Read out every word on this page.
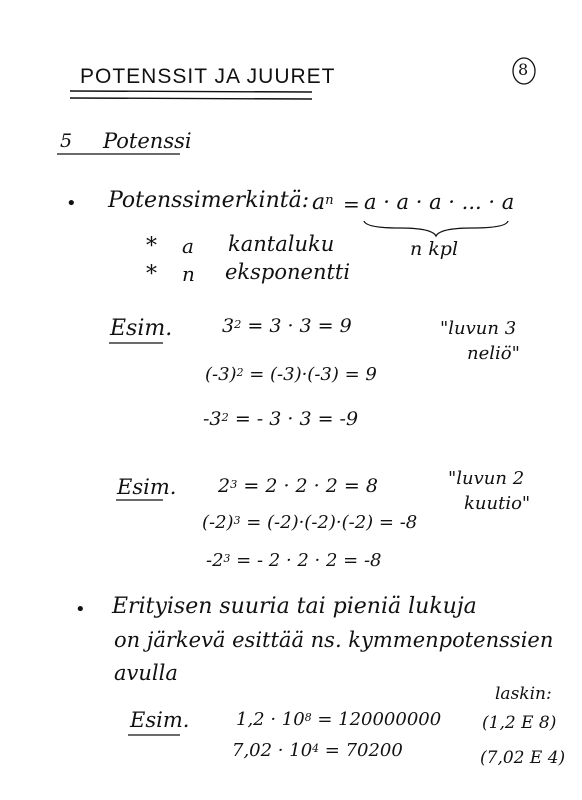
POTENSSIT JA JUURET	8
5 Potenssi
• Potenssimerkintä: $a^n = a \cdot a \cdot a$ · ... · a
n kpl
* a kantaluku
* n eksponentti
Esim.	$3^2 = 3 \cdot 3 = 9$	"luvun 3
neliö"
$(-3)^2 = (-3)\cdot(-3) = 9$
$-3^2$ = - 3 · 3 = -9
Esim. $2^3 = 2 \cdot 2 \cdot 2 = 8$	"luvun 2
kuutio"
$(-2)^3 = (-2)\cdot(-2)\cdot(-2) = -8$
$-2^3$ = - 2 · 2 · 2 = -8
• Erityisen suuria tai pieniä lukuja
on järkevä esittää ns. kymmenpotenssien
avulla
laskin:
Esim.	$1,2 \cdot 10^8 = 120000000$ (1,2 E 8)
$7,02 \cdot 10^4 = 70200$	(7,02 E 4)
